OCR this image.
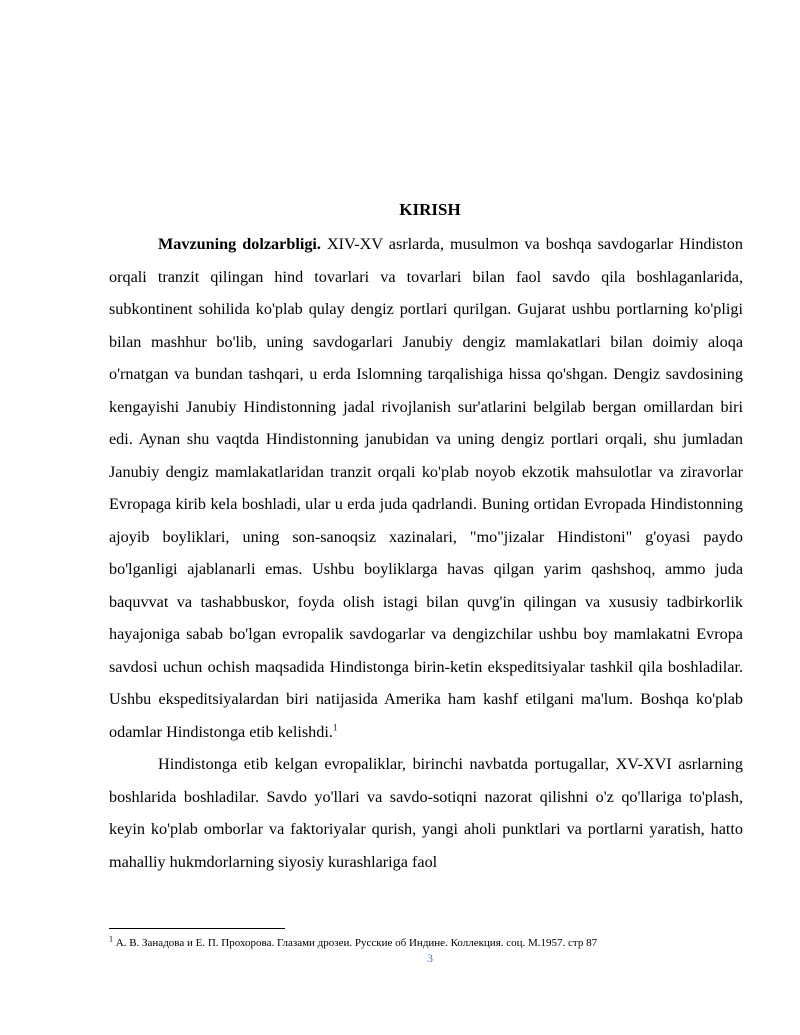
KIRISH

Mavzuning dolzarbligi. XIV-XV asrlarda, musulmon va boshqa savdogarlar Hindiston orqali tranzit qilingan hind tovarlari va tovarlari bilan faol savdo qila boshlaganlarida, subkontinent sohilida ko'plab qulay dengiz portlari qurilgan. Gujarat ushbu portlarning ko'pligi bilan mashhur bo'lib, uning savdogarlari Janubiy dengiz mamlakatlari bilan doimiy aloqa o'rnatgan va bundan tashqari, u erda Islomning tarqalishiga hissa qo'shgan. Dengiz savdosining kengayishi Janubiy Hindistonning jadal rivojlanish sur'atlarini belgilab bergan omillardan biri edi. Aynan shu vaqtda Hindistonning janubidan va uning dengiz portlari orqali, shu jumladan Janubiy dengiz mamlakatlaridan tranzit orqali ko'plab noyob ekzotik mahsulotlar va ziravorlar Evropaga kirib kela boshladi, ular u erda juda qadrlandi. Buning ortidan Evropada Hindistonning ajoyib boyliklari, uning son-sanoqsiz xazinalari, "mo"jizalar Hindistoni" g'oyasi paydo bo'lganligi ajablanarli emas. Ushbu boyliklarga havas qilgan yarim qashshoq, ammo juda baquvvat va tashabbuskor, foyda olish istagi bilan quvg'in qilingan va xususiy tadbirkorlik hayajoniga sabab bo'lgan evropalik savdogarlar va dengizchilar ushbu boy mamlakatni Evropa savdosi uchun ochish maqsadida Hindistonga birin-ketin ekspeditsiyalar tashkil qila boshladilar. Ushbu ekspeditsiyalardan biri natijasida Amerika ham kashf etilgani ma'lum. Boshqa ko'plab odamlar Hindistonga etib kelishdi.$^1$

Hindistonga etib kelgan evropaliklar, birinchi navbatda portugallar, XV-XVI asrlarning boshlarida boshladilar. Savdo yo'llari va savdo-sotiqni nazorat qilishni o'z qo'llariga to'plash, keyin ko'plab omborlar va faktoriyalar qurish, yangi aholi punktlari va portlarni yaratish, hatto mahalliy hukmdorlarning siyosiy kurashlariga faol

$^1$ А. В. Занадова и Е. П. Прохорова. Глазами дрозеи. Русские об Индине. Коллекция. соц. М.1957. стр 87
3
